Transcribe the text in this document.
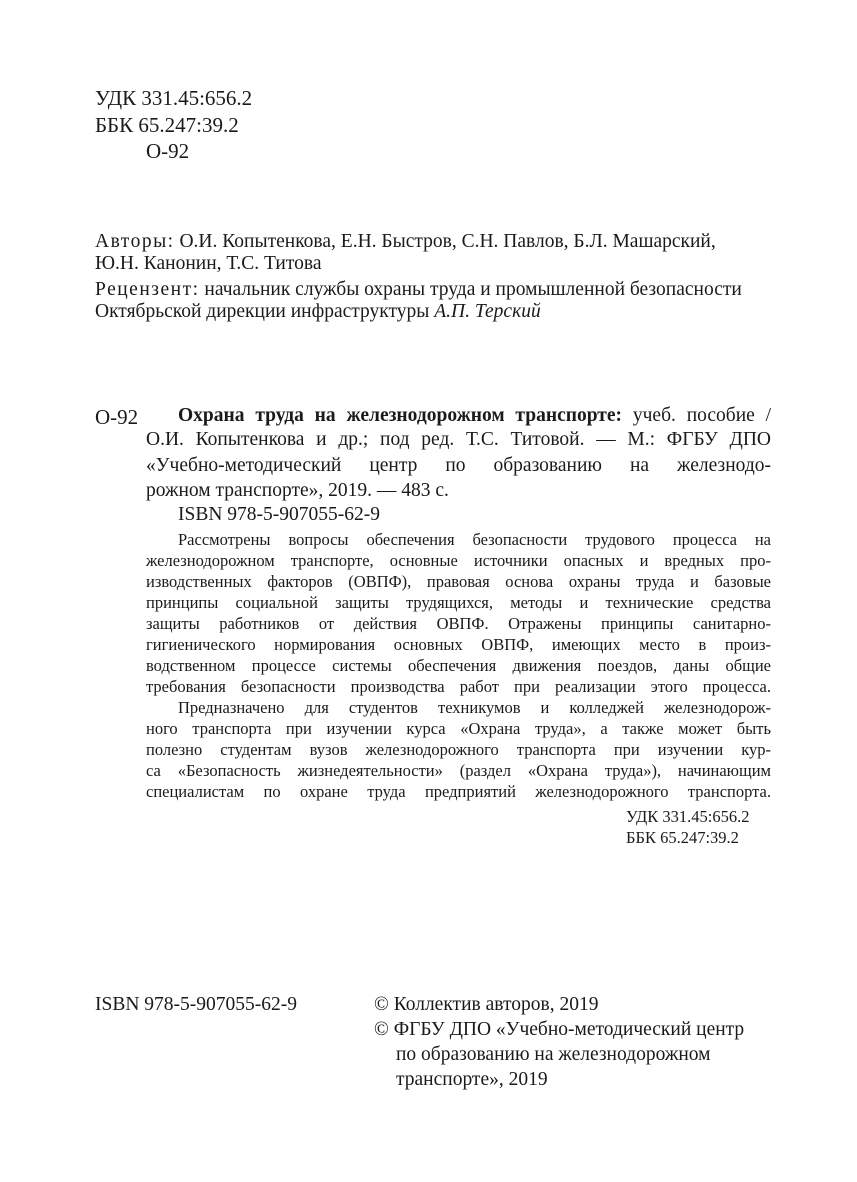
УДК 331.45:656.2
ББК 65.247:39.2
О-92
Авторы: О.И. Копытенкова, Е.Н. Быстров, С.Н. Павлов, Б.Л. Машарский,
Ю.Н. Канонин, Т.С. Титова
Рецензент: начальник службы охраны труда и промышленной безопасности
Октябрьской дирекции инфраструктуры А.П. Терский
О-92 Охрана труда на железнодорожном транспорте: учеб. пособие /
О.И. Копытенкова и др.; под ред. Т.С. Титовой. — М.: ФГБУ ДПО
«Учебно-методический центр по образованию на железнодо-
рожном транспорте», 2019. — 483 с.
ISBN 978-5-907055-62-9
Рассмотрены вопросы обеспечения безопасности трудового процесса на
железнодорожном транспорте, основные источники опасных и вредных про-
изводственных факторов (ОВПФ), правовая основа охраны труда и базовые
принципы социальной защиты трудящихся, методы и технические средства
защиты работников от действия ОВПФ. Отражены принципы санитарно-
гигиенического нормирования основных ОВПФ, имеющих место в произ-
водственном процессе системы обеспечения движения поездов, даны общие
требования безопасности производства работ при реализации этого процесса.
Предназначено для студентов техникумов и колледжей железнодорож-
ного транспорта при изучении курса «Охрана труда», а также может быть
полезно студентам вузов железнодорожного транспорта при изучении кур-
са «Безопасность жизнедеятельности» (раздел «Охрана труда»), начинающим
специалистам по охране труда предприятий железнодорожного транспорта.
УДК 331.45:656.2
ББК 65.247:39.2
ISBN 978-5-907055-62-9	© Коллектив авторов, 2019
© ФГБУ ДПО «Учебно-методический центр
по образованию на железнодорожном
транспорте», 2019
